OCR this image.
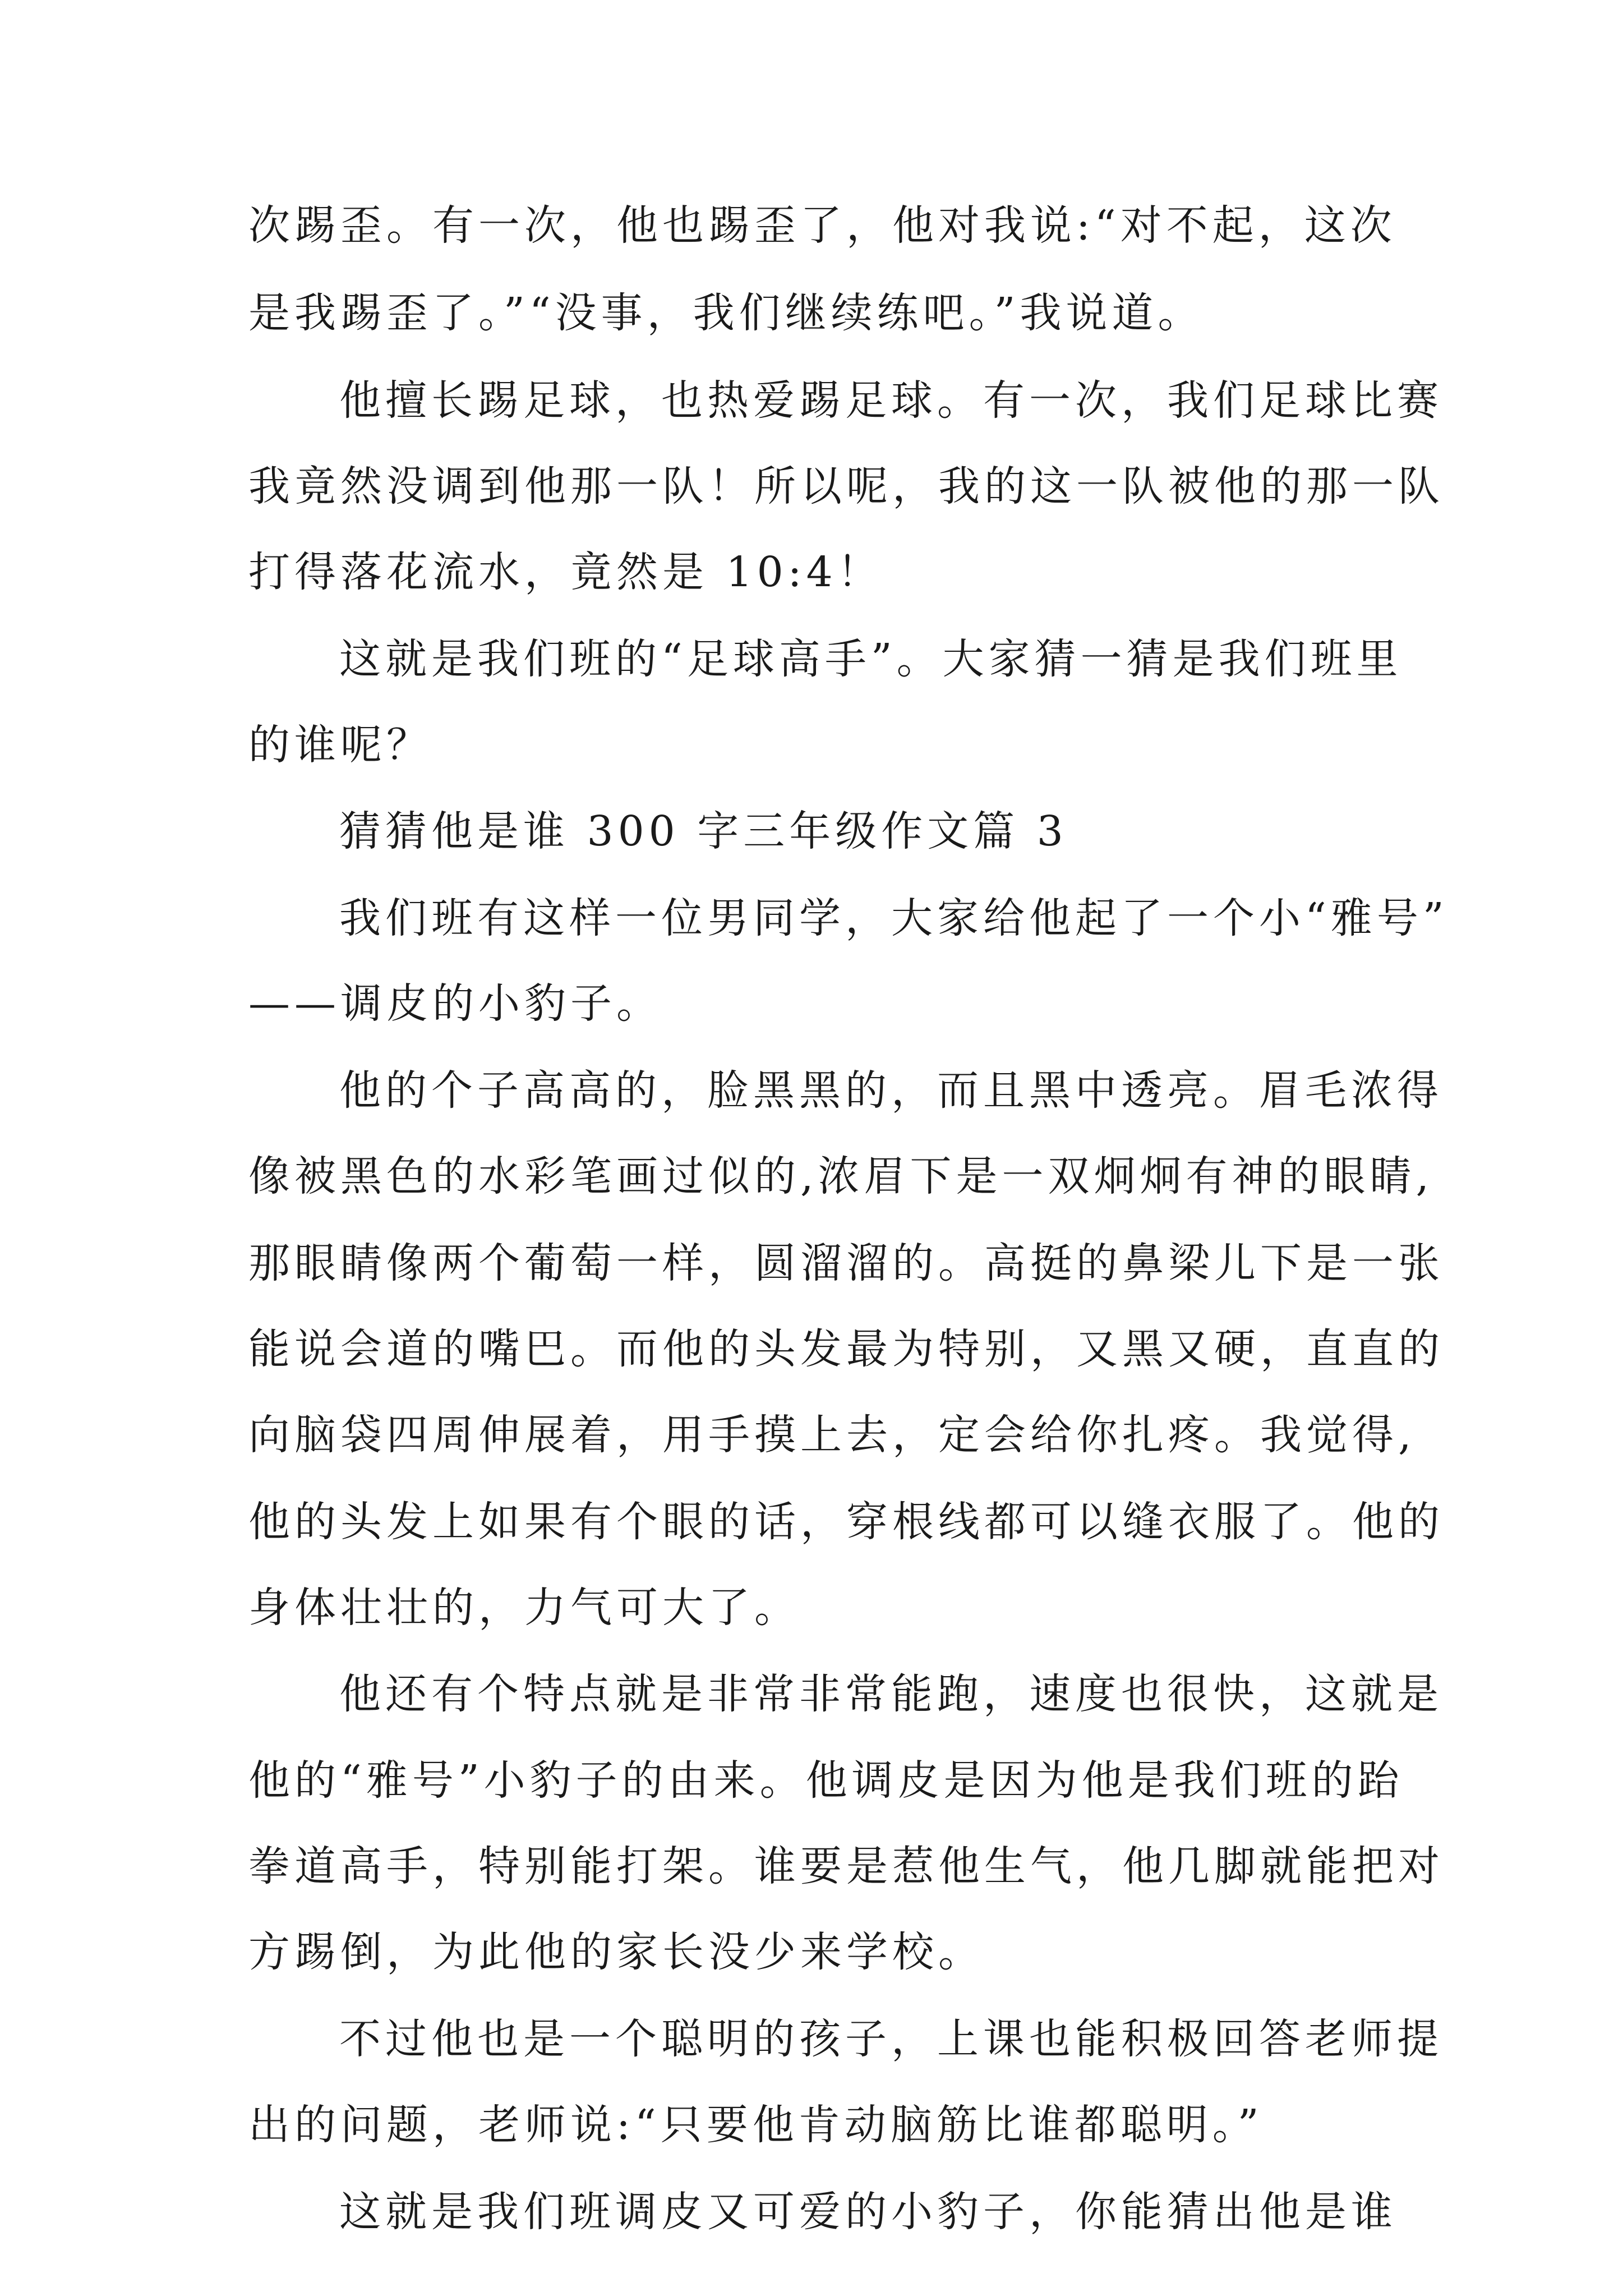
次踢歪。有一次，他也踢歪了，他对我说:“对不起，这次

是我踢歪了。”“没事，我们继续练吧。”我说道。

他擅长踢足球，也热爱踢足球。有一次，我们足球比赛

我竟然没调到他那一队！所以呢，我的这一队被他的那一队

打得落花流水，竟然是 10:4！

这就是我们班的“足球高手”。大家猜一猜是我们班里

的谁呢？

猜猜他是谁 300 字三年级作文篇 3

我们班有这样一位男同学，大家给他起了一个小“雅号”

——调皮的小豹子。

他的个子高高的，脸黑黑的，而且黑中透亮。眉毛浓得

像被黑色的水彩笔画过似的,浓眉下是一双炯炯有神的眼睛,

那眼睛像两个葡萄一样，圆溜溜的。高挺的鼻梁儿下是一张

能说会道的嘴巴。而他的头发最为特别，又黑又硬，直直的

向脑袋四周伸展着，用手摸上去，定会给你扎疼。我觉得,

他的头发上如果有个眼的话，穿根线都可以缝衣服了。他的

身体壮壮的，力气可大了。

他还有个特点就是非常非常能跑，速度也很快，这就是

他的“雅号”小豹子的由来。他调皮是因为他是我们班的跆

拳道高手，特别能打架。谁要是惹他生气，他几脚就能把对

方踢倒，为此他的家长没少来学校。

不过他也是一个聪明的孩子，上课也能积极回答老师提

出的问题，老师说:“只要他肯动脑筋比谁都聪明。”

这就是我们班调皮又可爱的小豹子，你能猜出他是谁
